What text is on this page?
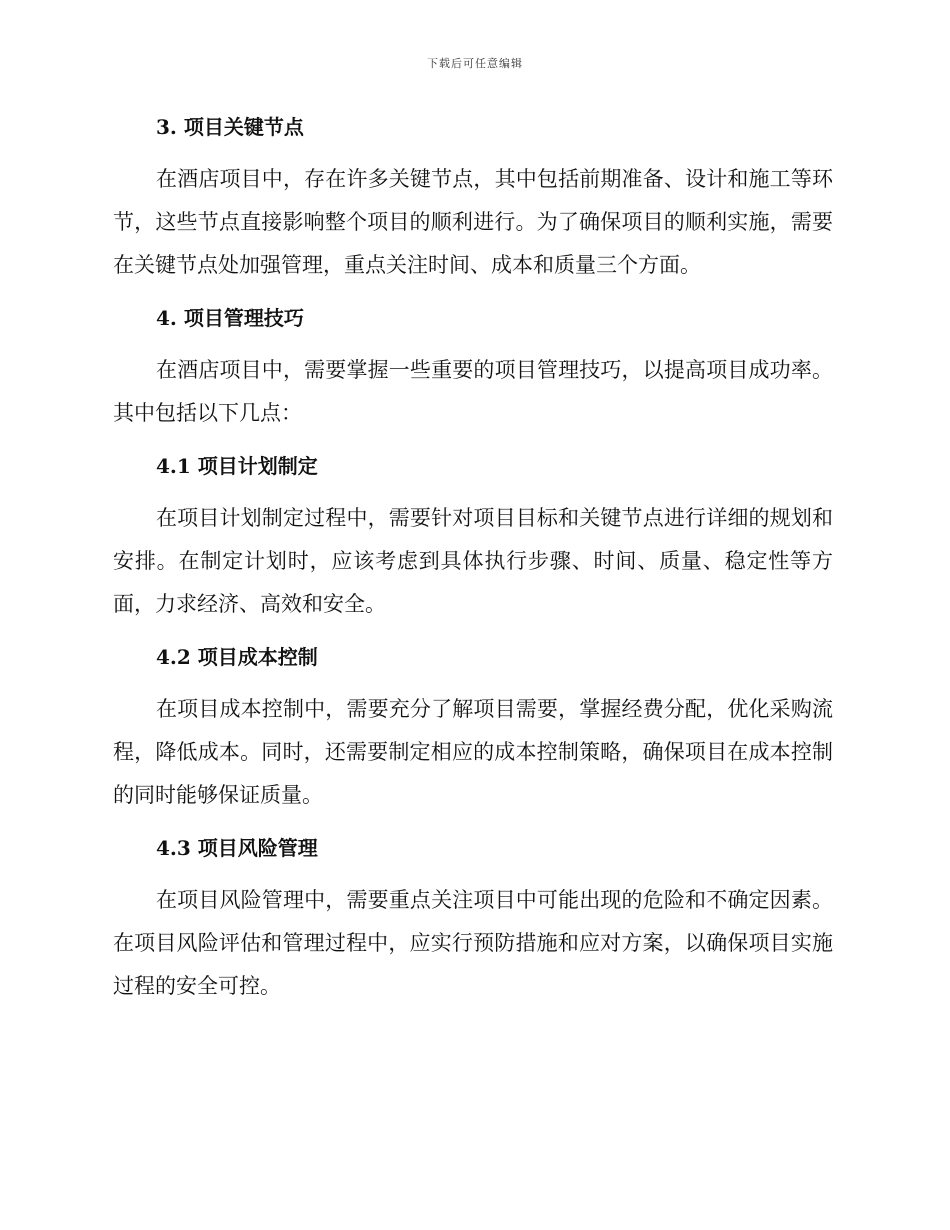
下载后可任意编辑
3. 项目关键节点

在酒店项目中，存在许多关键节点，其中包括前期准备、设计和施工等环节，这些节点直接影响整个项目的顺利进行。为了确保项目的顺利实施，需要在关键节点处加强管理，重点关注时间、成本和质量三个方面。

4. 项目管理技巧

在酒店项目中，需要掌握一些重要的项目管理技巧，以提高项目成功率。其中包括以下几点：

4.1 项目计划制定

在项目计划制定过程中，需要针对项目目标和关键节点进行详细的规划和安排。在制定计划时，应该考虑到具体执行步骤、时间、质量、稳定性等方面，力求经济、高效和安全。

4.2 项目成本控制

在项目成本控制中，需要充分了解项目需要，掌握经费分配，优化采购流程，降低成本。同时，还需要制定相应的成本控制策略，确保项目在成本控制的同时能够保证质量。

4.3 项目风险管理

在项目风险管理中，需要重点关注项目中可能出现的危险和不确定因素。在项目风险评估和管理过程中，应实行预防措施和应对方案，以确保项目实施过程的安全可控。
